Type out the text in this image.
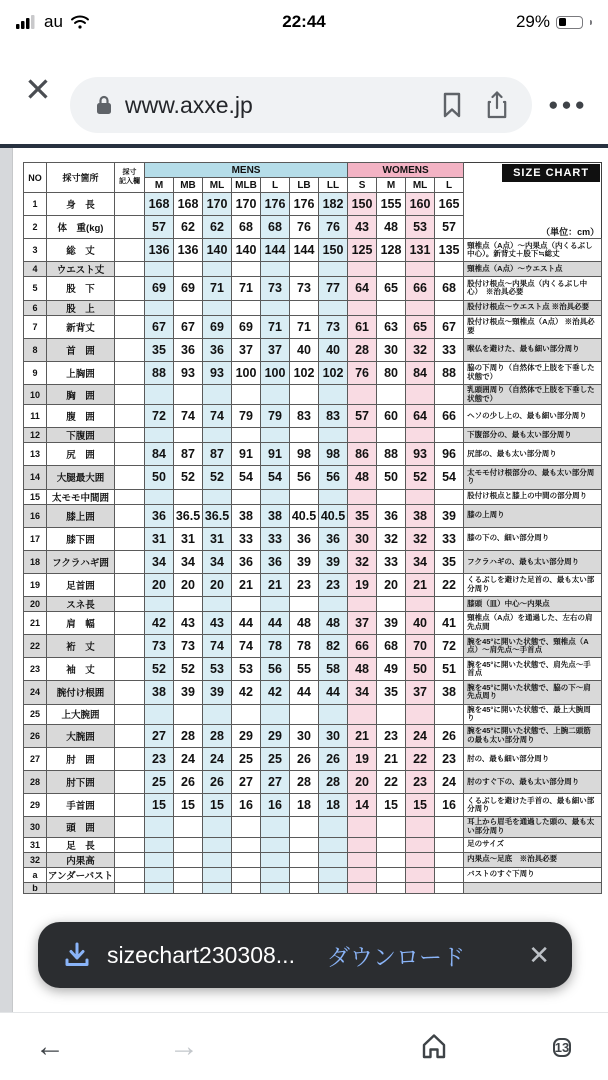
au	22:44	29%
✕	www.axxe.jp	●●●
NO	採寸箇所	採寸
記入欄	MENS							WOMENS				SIZE CHART
			M	MB	ML	MLB	L	LB	LL	S	M	ML	L	
1	身　長		168	168	170	170	176	176	182	150	155	160	165	
2	体　重(kg)		57	62	62	68	68	76	76	43	48	53	57	（単位：cm）
3	総　丈		136	136	140	140	144	144	150	125	128	131	135	頸椎点（A点）～内果点（内くるぶし中心）。新背丈＋股下≒総丈
4	ウエスト丈													頸椎点（A点）～ウエスト点
5	股　下		69	69	71	71	73	73	77	64	65	66	68	股付け根点～内果点（内くるぶし中心）　※治具必要
6	股　上													股付け根点～ウエスト点 ※治具必要
7	新背丈		67	67	69	69	71	71	73	61	63	65	67	股付け根点～頸椎点（A点） ※治具必要
8	首　囲		35	36	36	37	37	40	40	28	30	32	33	喉仏を避けた、最も細い部分周り
9	上胸囲		88	93	93	100	100	102	102	76	80	84	88	脇の下周り（自然体で上肢を下垂した状態で）
10	胸　囲													乳頭囲周り（自然体で上肢を下垂した状態で）
11	腹　囲		72	74	74	79	79	83	83	57	60	64	66	ヘソの少し上の、最も細い部分周り
12	下腹囲													下腹部分の、最も太い部分周り
13	尻　囲		84	87	87	91	91	98	98	86	88	93	96	尻部の、最も太い部分周り
14	大腿最大囲		50	52	52	54	54	56	56	48	50	52	54	太モモ付け根部分の、最も太い部分周り
15	太モモ中間囲													股付け根点と膝上の中間の部分周り
16	膝上囲		36	36.5	36.5	38	38	40.5	40.5	35	36	38	39	膝の上周り
17	膝下囲		31	31	31	33	33	36	36	30	32	32	33	膝の下の、細い部分周り
18	フクラハギ囲		34	34	34	36	36	39	39	32	33	34	35	フクラハギの、最も太い部分周り
19	足首囲		20	20	20	21	21	23	23	19	20	21	22	くるぶしを避けた足首の、最も太い部分周り
20	スネ長													膝頭（皿）中心～内果点
21	肩　幅		42	43	43	44	44	48	48	37	39	40	41	頸椎点（A点）を通過した、左右の肩先点間
22	裄　丈		73	73	74	74	78	78	82	66	68	70	72	腕を45°に開いた状態で、頸椎点（A点）～肩先点～手首点
23	袖　丈		52	52	53	53	56	55	58	48	49	50	51	腕を45°に開いた状態で、肩先点～手首点
24	腕付け根囲		38	39	39	42	42	44	44	34	35	37	38	腕を45°に開いた状態で、脇の下～肩先点周り
25	上大腕囲													腕を45°に開いた状態で、最上大腕周り
26	大腕囲		27	28	28	29	29	30	30	21	23	24	26	腕を45°に開いた状態で、上腕二頭筋の最も太い部分周り
27	肘　囲		23	24	24	25	25	26	26	19	21	22	23	肘の、最も細い部分周り
28	肘下囲		25	26	26	27	27	28	28	20	22	23	24	肘のすぐ下の、最も太い部分周り
29	手首囲		15	15	15	16	16	18	18	14	15	15	16	くるぶしを避けた手首の、最も細い部分周り
30	頭　囲													耳上から眉毛を通過した頭の、最も太い部分周り
31	足　長													足のサイズ
32	内果高													内果点～足底　※治具必要
a	アンダーバスト													バストのすぐ下周り
b														
sizechart230308... ダウンロード ✕
←	→	13
